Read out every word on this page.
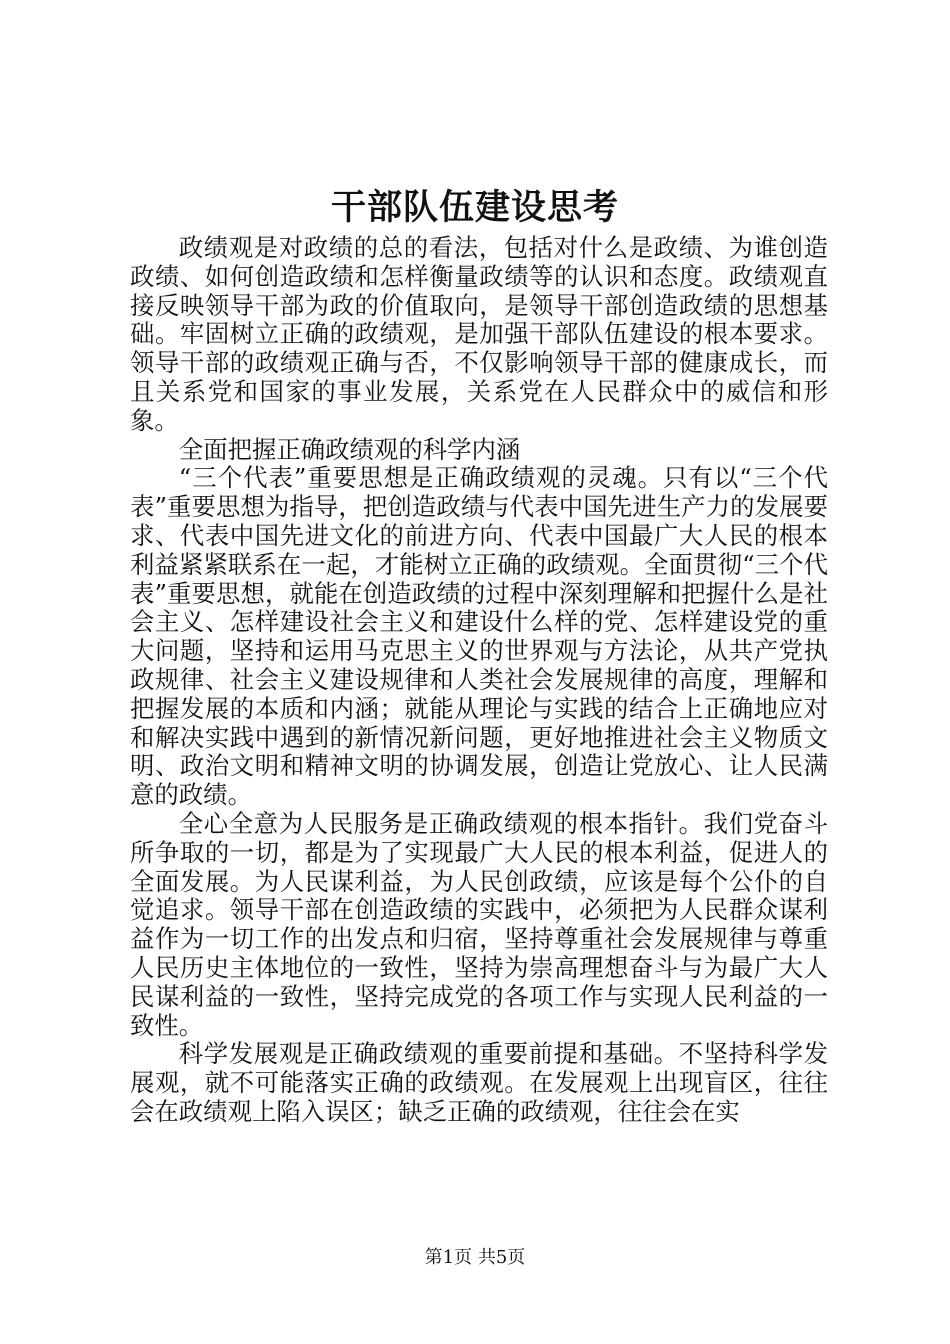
干部队伍建设思考

政绩观是对政绩的总的看法，包括对什么是政绩、为谁创造政绩、如何创造政绩和怎样衡量政绩等的认识和态度。政绩观直接反映领导干部为政的价值取向，是领导干部创造政绩的思想基础。牢固树立正确的政绩观，是加强干部队伍建设的根本要求。领导干部的政绩观正确与否，不仅影响领导干部的健康成长，而且关系党和国家的事业发展，关系党在人民群众中的威信和形象。

全面把握正确政绩观的科学内涵

“三个代表”重要思想是正确政绩观的灵魂。只有以“三个代表”重要思想为指导，把创造政绩与代表中国先进生产力的发展要求、代表中国先进文化的前进方向、代表中国最广大人民的根本利益紧紧联系在一起，才能树立正确的政绩观。全面贯彻“三个代表”重要思想，就能在创造政绩的过程中深刻理解和把握什么是社会主义、怎样建设社会主义和建设什么样的党、怎样建设党的重大问题，坚持和运用马克思主义的世界观与方法论，从共产党执政规律、社会主义建设规律和人类社会发展规律的高度，理解和把握发展的本质和内涵；就能从理论与实践的结合上正确地应对和解决实践中遇到的新情况新问题，更好地推进社会主义物质文明、政治文明和精神文明的协调发展，创造让党放心、让人民满意的政绩。

全心全意为人民服务是正确政绩观的根本指针。我们党奋斗所争取的一切，都是为了实现最广大人民的根本利益，促进人的全面发展。为人民谋利益，为人民创政绩，应该是每个公仆的自觉追求。领导干部在创造政绩的实践中，必须把为人民群众谋利益作为一切工作的出发点和归宿，坚持尊重社会发展规律与尊重人民历史主体地位的一致性，坚持为崇高理想奋斗与为最广大人民谋利益的一致性，坚持完成党的各项工作与实现人民利益的一致性。

科学发展观是正确政绩观的重要前提和基础。不坚持科学发展观，就不可能落实正确的政绩观。在发展观上出现盲区，往往会在政绩观上陷入误区；缺乏正确的政绩观，往往会在实

第1页 共5页
